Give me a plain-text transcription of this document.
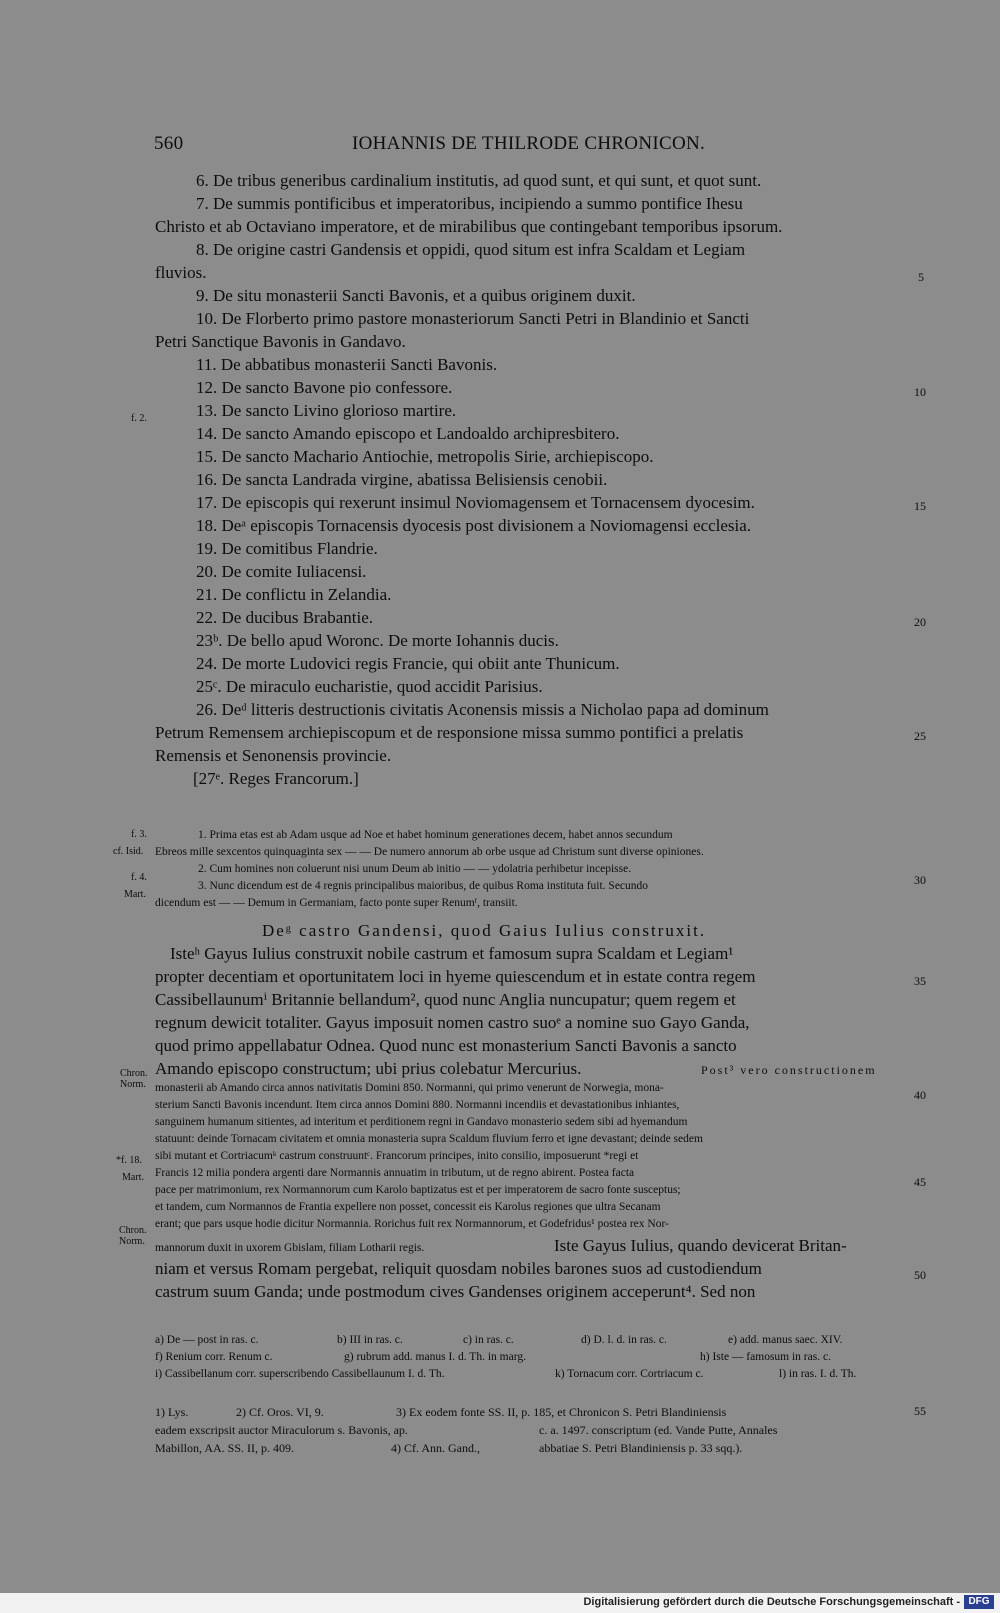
560	IOHANNIS DE THILRODE CHRONICON.
6. De tribus generibus cardinalium institutis, ad quod sunt, et qui sunt, et quot sunt.
7. De summis pontificibus et imperatoribus, incipiendo a summo pontifice Ihesu
Christo et ab Octaviano imperatore, et de mirabilibus que contingebant temporibus ipsorum.
8. De origine castri Gandensis et oppidi, quod situm est infra Scaldam et Legiam
fluvios.
9. De situ monasterii Sancti Bavonis, et a quibus originem duxit.
10. De Florberto primo pastore monasteriorum Sancti Petri in Blandinio et Sancti
Petri Sanctique Bavonis in Gandavo.
11. De abbatibus monasterii Sancti Bavonis.
12. De sancto Bavone pio confessore.
13. De sancto Livino glorioso martire.
14. De sancto Amando episcopo et Landoaldo archipresbitero.
15. De sancto Machario Antiochie, metropolis Sirie, archiepiscopo.
16. De sancta Landrada virgine, abatissa Belisiensis cenobii.
17. De episcopis qui rexerunt insimul Noviomagensem et Tornacensem dyocesim.
18. Deᵃ episcopis Tornacensis dyocesis post divisionem a Noviomagensi ecclesia.
19. De comitibus Flandrie.
20. De comite Iuliacensi.
21. De conflictu in Zelandia.
22. De ducibus Brabantie.
23ᵇ. De bello apud Woronc. De morte Iohannis ducis.
24. De morte Ludovici regis Francie, qui obiit ante Thunicum.
25ᶜ. De miraculo eucharistie, quod accidit Parisius.
26. Deᵈ litteris destructionis civitatis Aconensis missis a Nicholao papa ad dominum
Petrum Remensem archiepiscopum et de responsione missa summo pontifici a prelatis
Remensis et Senonensis provincie.
[27ᵉ. Reges Francorum.]
1. Prima etas est ab Adam usque ad Noe et habet hominum generationes decem, habet annos secundum
Ebreos mille sexcentos quinquaginta sex — — De numero annorum ab orbe usque ad Christum sunt diverse opiniones.
2. Cum homines non coluerunt nisi unum Deum ab initio — — ydolatria perhibetur incepisse.
3. Nunc dicendum est de 4 regnis principalibus maioribus, de quibus Roma instituta fuit. Secundo
dicendum est — — Demum in Germaniam, facto ponte super Renumᶠ, transiit.
Deᵍ castro Gandensi, quod Gaius Iulius construxit.
Isteʰ Gayus Iulius construxit nobile castrum et famosum supra Scaldam et Legiam¹
propter decentiam et oportunitatem loci in hyeme quiescendum et in estate contra regem
Cassibellaunumⁱ Britannie bellandum², quod nunc Anglia nuncupatur; quem regem et
regnum dewicit totaliter. Gayus imposuit nomen castro suoᵉ a nomine suo Gayo Ganda,
quod primo appellabatur Odnea. Quod nunc est monasterium Sancti Bavonis a sancto
Amando episcopo constructum; ubi prius colebatur Mercurius.	Post³ vero constructionem
monasterii ab Amando circa annos nativitatis Domini 850. Normanni, qui primo venerunt de Norwegia, mona-
sterium Sancti Bavonis incendunt. Item circa annos Domini 880. Normanni incendiis et devastationibus inhiantes,
sanguinem humanum sitientes, ad interitum et perditionem regni in Gandavo monasterio sedem sibi ad hyemandum
statuunt: deinde Tornacam civitatem et omnia monasteria supra Scaldum fluvium ferro et igne devastant; deinde sedem
sibi mutant et Cortriacumᵏ castrum construuntᶜ. Francorum principes, inito consilio, imposuerunt *regi et
Francis 12 milia pondera argenti dare Normannis annuatim in tributum, ut de regno abirent. Postea facta
pace per matrimonium, rex Normannorum cum Karolo baptizatus est et per imperatorem de sacro fonte susceptus;
et tandem, cum Normannos de Frantia expellere non posset, concessit eis Karolus regiones que ultra Secanam
erant; que pars usque hodie dicitur Normannia. Rorichus fuit rex Normannorum, et Godefridus¹ postea rex Nor-
mannorum duxit in uxorem Gbislam, filiam Lotharii regis.	Iste Gayus Iulius, quando devicerat Britan-
niam et versus Romam pergebat, reliquit quosdam nobiles barones suos ad custodiendum
castrum suum Ganda; unde postmodum cives Gandenses originem acceperunt⁴. Sed non
a) De — post in ras. c.	b) III in ras. c.	c) in ras. c.	d) D. l. d. in ras. c.	e) add. manus saec. XIV.
f) Renium corr. Renum c.	g) rubrum add. manus I. d. Th. in marg.	h) Iste — famosum in ras. c.
i) Cassibellanum corr. superscribendo Cassibellaunum I. d. Th.	k) Tornacum corr. Cortriacum c.	l) in ras. I. d. Th.
1) Lys.	2) Cf. Oros. VI, 9.	3) Ex eodem fonte SS. II, p. 185, et Chronicon S. Petri Blandiniensis
eadem exscripsit auctor Miraculorum s. Bavonis, ap.	c. a. 1497. conscriptum (ed. Vande Putte, Annales
Mabillon, AA. SS. II, p. 409.	4) Cf. Ann. Gand.,	abbatiae S. Petri Blandiniensis p. 33 sqq.).
f. 2.
f. 3.
cf. Isid.
f. 4.
Mart.
Chron.
Norm.
*f. 18.
Mart.
Chron.
Norm.
5
10
15
20
25
30
35
40
45
50
55
Digitalisierung gefördert durch die Deutsche Forschungsgemeinschaft - DFG
